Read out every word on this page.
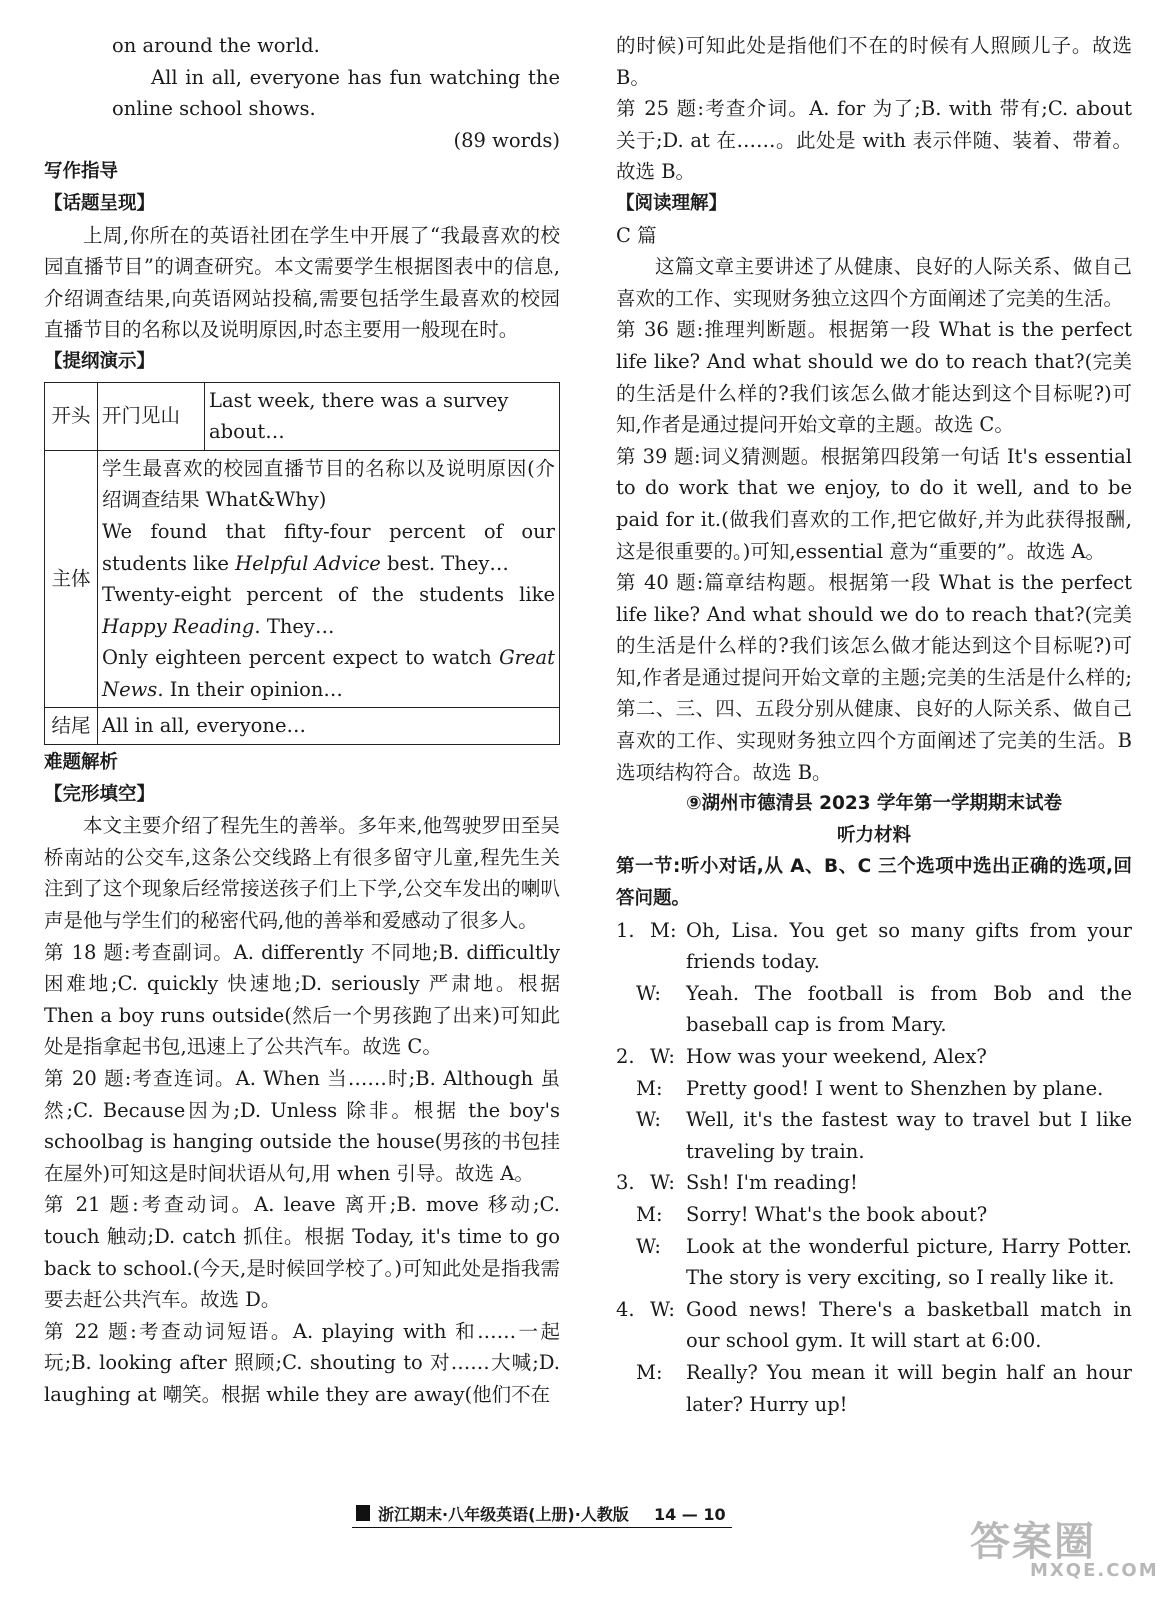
on around the world.

All in all, everyone has fun watching the online school shows.

(89 words)

写作指导

【话题呈现】

上周,你所在的英语社团在学生中开展了“我最喜欢的校园直播节目”的调查研究。本文需要学生根据图表中的信息,介绍调查结果,向英语网站投稿,需要包括学生最喜欢的校园直播节目的名称以及说明原因,时态主要用一般现在时。

【提纲演示】

开头	开门见山	Last week, there was a survey about…
主体	学生最喜欢的校园直播节目的名称以及说明原因(介绍调查结果 What&Why)

We found that fifty-four percent of our students like Helpful Advice best. They…

Twenty-eight percent of the students like Happy Reading. They…

Only eighteen percent expect to watch Great News. In their opinion…	

结尾	All in all, everyone…	

难题解析

【完形填空】

本文主要介绍了程先生的善举。多年来,他驾驶罗田至吴桥南站的公交车,这条公交线路上有很多留守儿童,程先生关注到了这个现象后经常接送孩子们上下学,公交车发出的喇叭声是他与学生们的秘密代码,他的善举和爱感动了很多人。

第 18 题:考查副词。A. differently 不同地;B. difficultly 困难地;C. quickly 快速地;D. seriously 严肃地。根据 Then a boy runs outside(然后一个男孩跑了出来)可知此处是指拿起书包,迅速上了公共汽车。故选 C。

第 20 题:考查连词。A. When 当……时;B. Although 虽然;C. Because因为;D. Unless 除非。根据 the boy's schoolbag is hanging outside the house(男孩的书包挂在屋外)可知这是时间状语从句,用 when 引导。故选 A。

第 21 题:考查动词。A. leave 离开;B. move 移动;C. touch 触动;D. catch 抓住。根据 Today, it's time to go back to school.(今天,是时候回学校了。)可知此处是指我需要去赶公共汽车。故选 D。

第 22 题:考查动词短语。A. playing with 和……一起玩;B. looking after 照顾;C. shouting to 对……大喊;D. laughing at 嘲笑。根据 while they are away(他们不在

的时候)可知此处是指他们不在的时候有人照顾儿子。故选 B。

第 25 题:考查介词。A. for 为了;B. with 带有;C. about 关于;D. at 在……。此处是 with 表示伴随、装着、带着。故选 B。

【阅读理解】

C 篇

这篇文章主要讲述了从健康、良好的人际关系、做自己喜欢的工作、实现财务独立这四个方面阐述了完美的生活。

第 36 题:推理判断题。根据第一段 What is the perfect life like? And what should we do to reach that?(完美的生活是什么样的?我们该怎么做才能达到这个目标呢?)可知,作者是通过提问开始文章的主题。故选 C。

第 39 题:词义猜测题。根据第四段第一句话 It's essential to do work that we enjoy, to do it well, and to be paid for it.(做我们喜欢的工作,把它做好,并为此获得报酬,这是很重要的。)可知,essential 意为“重要的”。故选 A。

第 40 题:篇章结构题。根据第一段 What is the perfect life like? And what should we do to reach that?(完美的生活是什么样的?我们该怎么做才能达到这个目标呢?)可知,作者是通过提问开始文章的主题;完美的生活是什么样的;第二、三、四、五段分别从健康、良好的人际关系、做自己喜欢的工作、实现财务独立四个方面阐述了完美的生活。B 选项结构符合。故选 B。

⑨湖州市德清县 2023 学年第一学期期末试卷

听力材料

第一节:听小对话,从 A、B、C 三个选项中选出正确的选项,回答问题。

1. M: Oh, Lisa. You get so many gifts from your friends today.
W:	Yeah. The football is from Bob and the baseball cap is from Mary.
2. W: How was your weekend, Alex?
M:	Pretty good! I went to Shenzhen by plane.
W:	Well, it's the fastest way to travel but I like traveling by train.
3. W: Ssh! I'm reading!
M:	Sorry! What's the book about?
W:	Look at the wonderful picture, Harry Potter. The story is very exciting, so I really like it.
4. W: Good news! There's a basketball match in our school gym. It will start at 6:00.
M:	Really? You mean it will begin half an hour later? Hurry up!
浙江期末·八年级英语(上册)·人教版 14 — 10
答案圈
MXQE.COM
